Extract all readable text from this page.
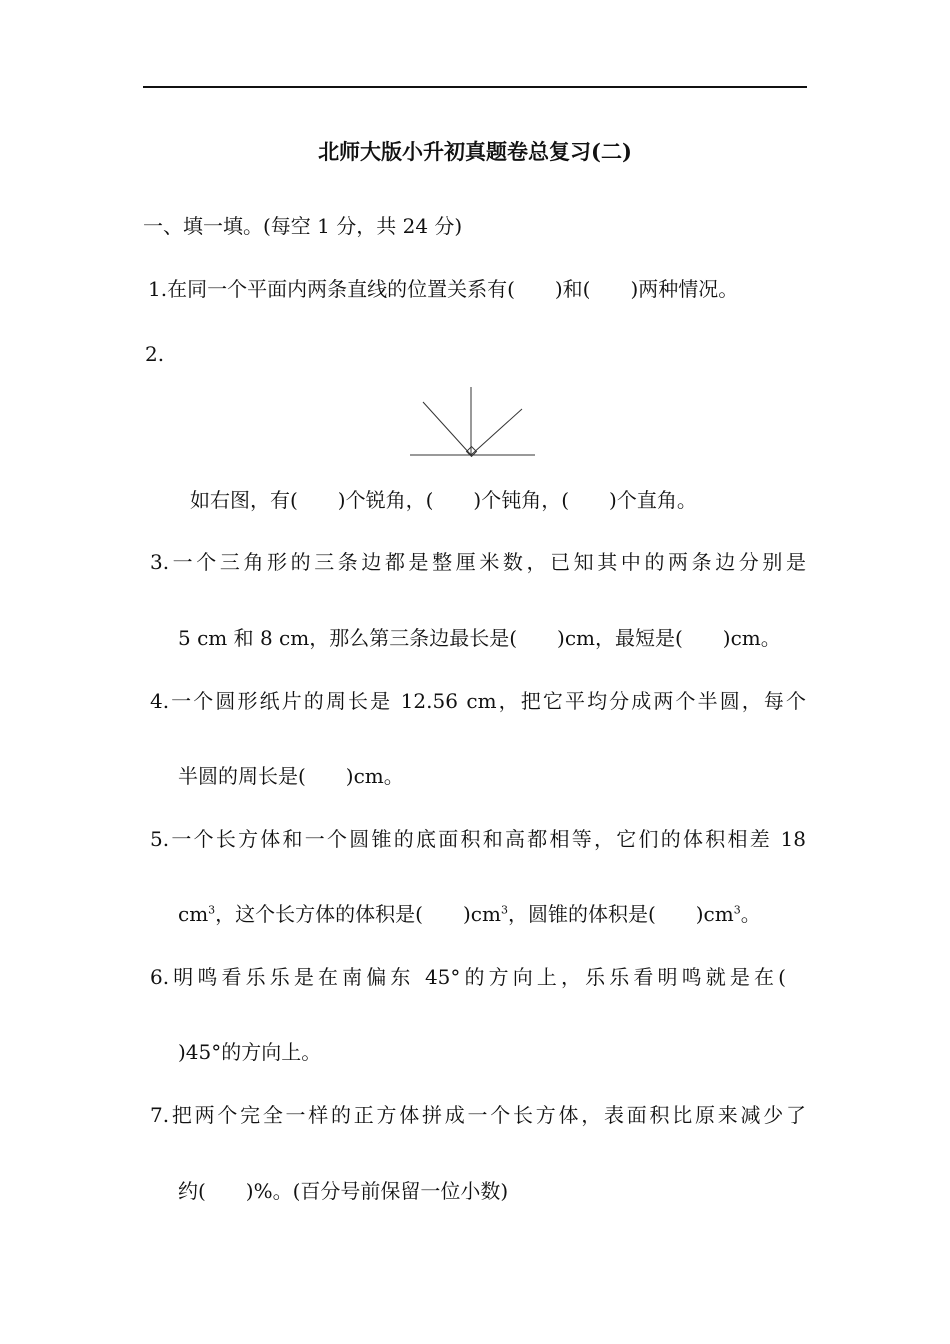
北师大版小升初真题卷总复习(二)
一、填一填。(每空 1 分，共 24 分)
1.在同一个平面内两条直线的位置关系有(　　)和(　　)两种情况。
2.
如右图，有(　　)个锐角，(　　)个钝角，(　　)个直角。
3.一个三角形的三条边都是整厘米数，已知其中的两条边分别是
5 cm 和 8 cm，那么第三条边最长是(　　)cm，最短是(　　)cm。
4.一个圆形纸片的周长是 12.56 cm，把它平均分成两个半圆，每个
半圆的周长是(　　)cm。
5.一个长方体和一个圆锥的底面积和高都相等，它们的体积相差 18
$cm^3$，这个长方体的体积是(　　)$cm^3$，圆锥的体积是(　　)$cm^3$。
6.明鸣看乐乐是在南偏东 45°的方向上，乐乐看明鸣就是在(
)45°的方向上。
7.把两个完全一样的正方体拼成一个长方体，表面积比原来减少了
约(　　)%。(百分号前保留一位小数)
